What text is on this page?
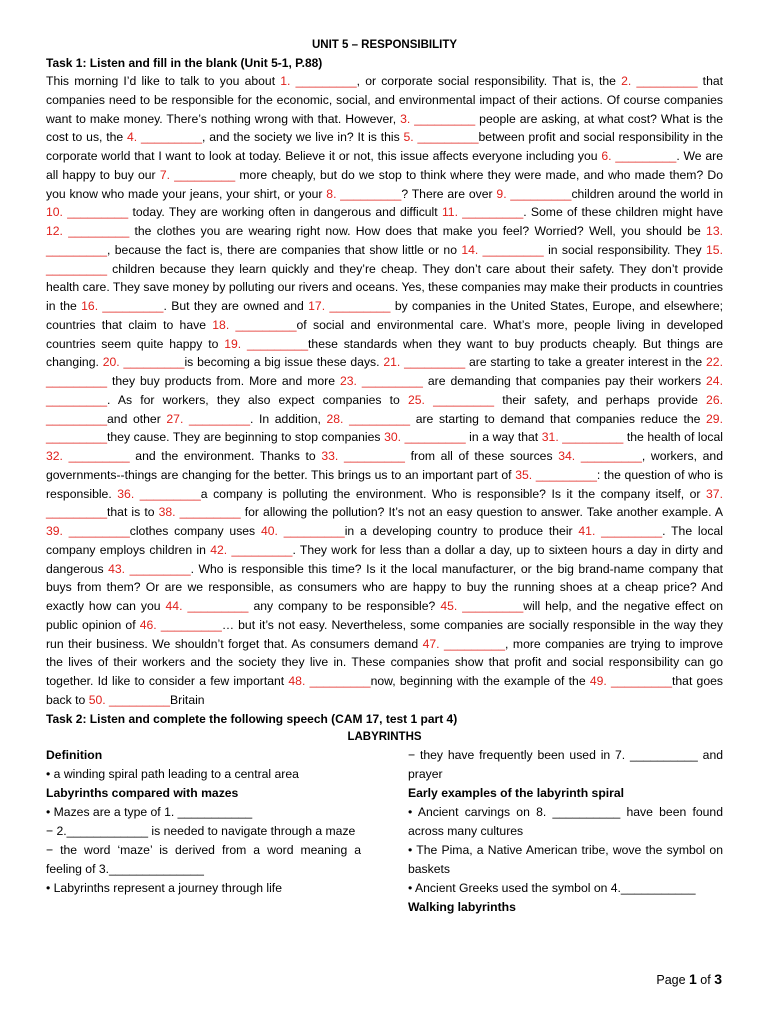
UNIT 5 – RESPONSIBILITY

Task 1: Listen and fill in the blank (Unit 5-1, P.88)

This morning I’d like to talk to you about 1. _________, or corporate social responsibility. That is, the 2. _________ that companies need to be responsible for the economic, social, and environmental impact of their actions. Of course companies want to make money. There’s nothing wrong with that. However, 3. _________ people are asking, at what cost? What is the cost to us, the 4. _________, and the society we live in? It is this 5. _________between profit and social responsibility in the corporate world that I want to look at today. Believe it or not, this issue affects everyone including you 6. _________. We are all happy to buy our 7. _________ more cheaply, but do we stop to think where they were made, and who made them? Do you know who made your jeans, your shirt, or your 8. _________? There are over 9. _________children around the world in 10. _________ today. They are working often in dangerous and difficult 11. _________. Some of these children might have 12. _________ the clothes you are wearing right now. How does that make you feel? Worried? Well, you should be 13. _________, because the fact is, there are companies that show little or no 14. _________ in social responsibility. They 15. _________ children because they learn quickly and they’re cheap. They don’t care about their safety. They don’t provide health care. They save money by polluting our rivers and oceans. Yes, these companies may make their products in countries in the 16. _________. But they are owned and 17. _________ by companies in the United States, Europe, and elsewhere; countries that claim to have 18. _________of social and environmental care. What’s more, people living in developed countries seem quite happy to 19. _________these standards when they want to buy products cheaply. But things are changing. 20. _________is becoming a big issue these days. 21. _________ are starting to take a greater interest in the 22. _________ they buy products from. More and more 23. _________ are demanding that companies pay their workers 24. _________. As for workers, they also expect companies to 25. _________ their safety, and perhaps provide 26. _________and other 27. _________. In addition, 28. _________ are starting to demand that companies reduce the 29. _________they cause. They are beginning to stop companies 30. _________ in a way that 31. _________ the health of local 32. _________ and the environment. Thanks to 33. _________ from all of these sources 34. _________, workers, and governments--things are changing for the better. This brings us to an important part of 35. _________: the question of who is responsible. 36. _________a company is polluting the environment. Who is responsible? Is it the company itself, or 37. _________that is to 38. _________ for allowing the pollution? It’s not an easy question to answer. Take another example. A 39. _________clothes company uses 40. _________in a developing country to produce their 41. _________. The local company employs children in 42. _________. They work for less than a dollar a day, up to sixteen hours a day in dirty and dangerous 43. _________. Who is responsible this time? Is it the local manufacturer, or the big brand-name company that buys from them? Or are we responsible, as consumers who are happy to buy the running shoes at a cheap price? And exactly how can you 44. _________ any company to be responsible? 45. _________will help, and the negative effect on public opinion of 46. _________… but it’s not easy. Nevertheless, some companies are socially responsible in the way they run their business. We shouldn’t forget that. As consumers demand 47. _________, more companies are trying to improve the lives of their workers and the society they live in. These companies show that profit and social responsibility can go together. Id like to consider a few important 48. _________now, beginning with the example of the 49. _________that goes back to 50. _________Britain

Task 2: Listen and complete the following speech (CAM 17, test 1 part 4)

LABYRINTHS

Definition

• a winding spiral path leading to a central area

Labyrinths compared with mazes

• Mazes are a type of 1. ___________

− 2.____________ is needed to navigate through a maze

− the word ‘maze’ is derived from a word meaning a feeling of 3.______________

• Labyrinths represent a journey through life

− they have frequently been used in 7. __________ and prayer

Early examples of the labyrinth spiral

• Ancient carvings on 8. __________ have been found across many cultures

• The Pima, a Native American tribe, wove the symbol on baskets

• Ancient Greeks used the symbol on 4.___________

Walking labyrinths

Page 1 of 3
